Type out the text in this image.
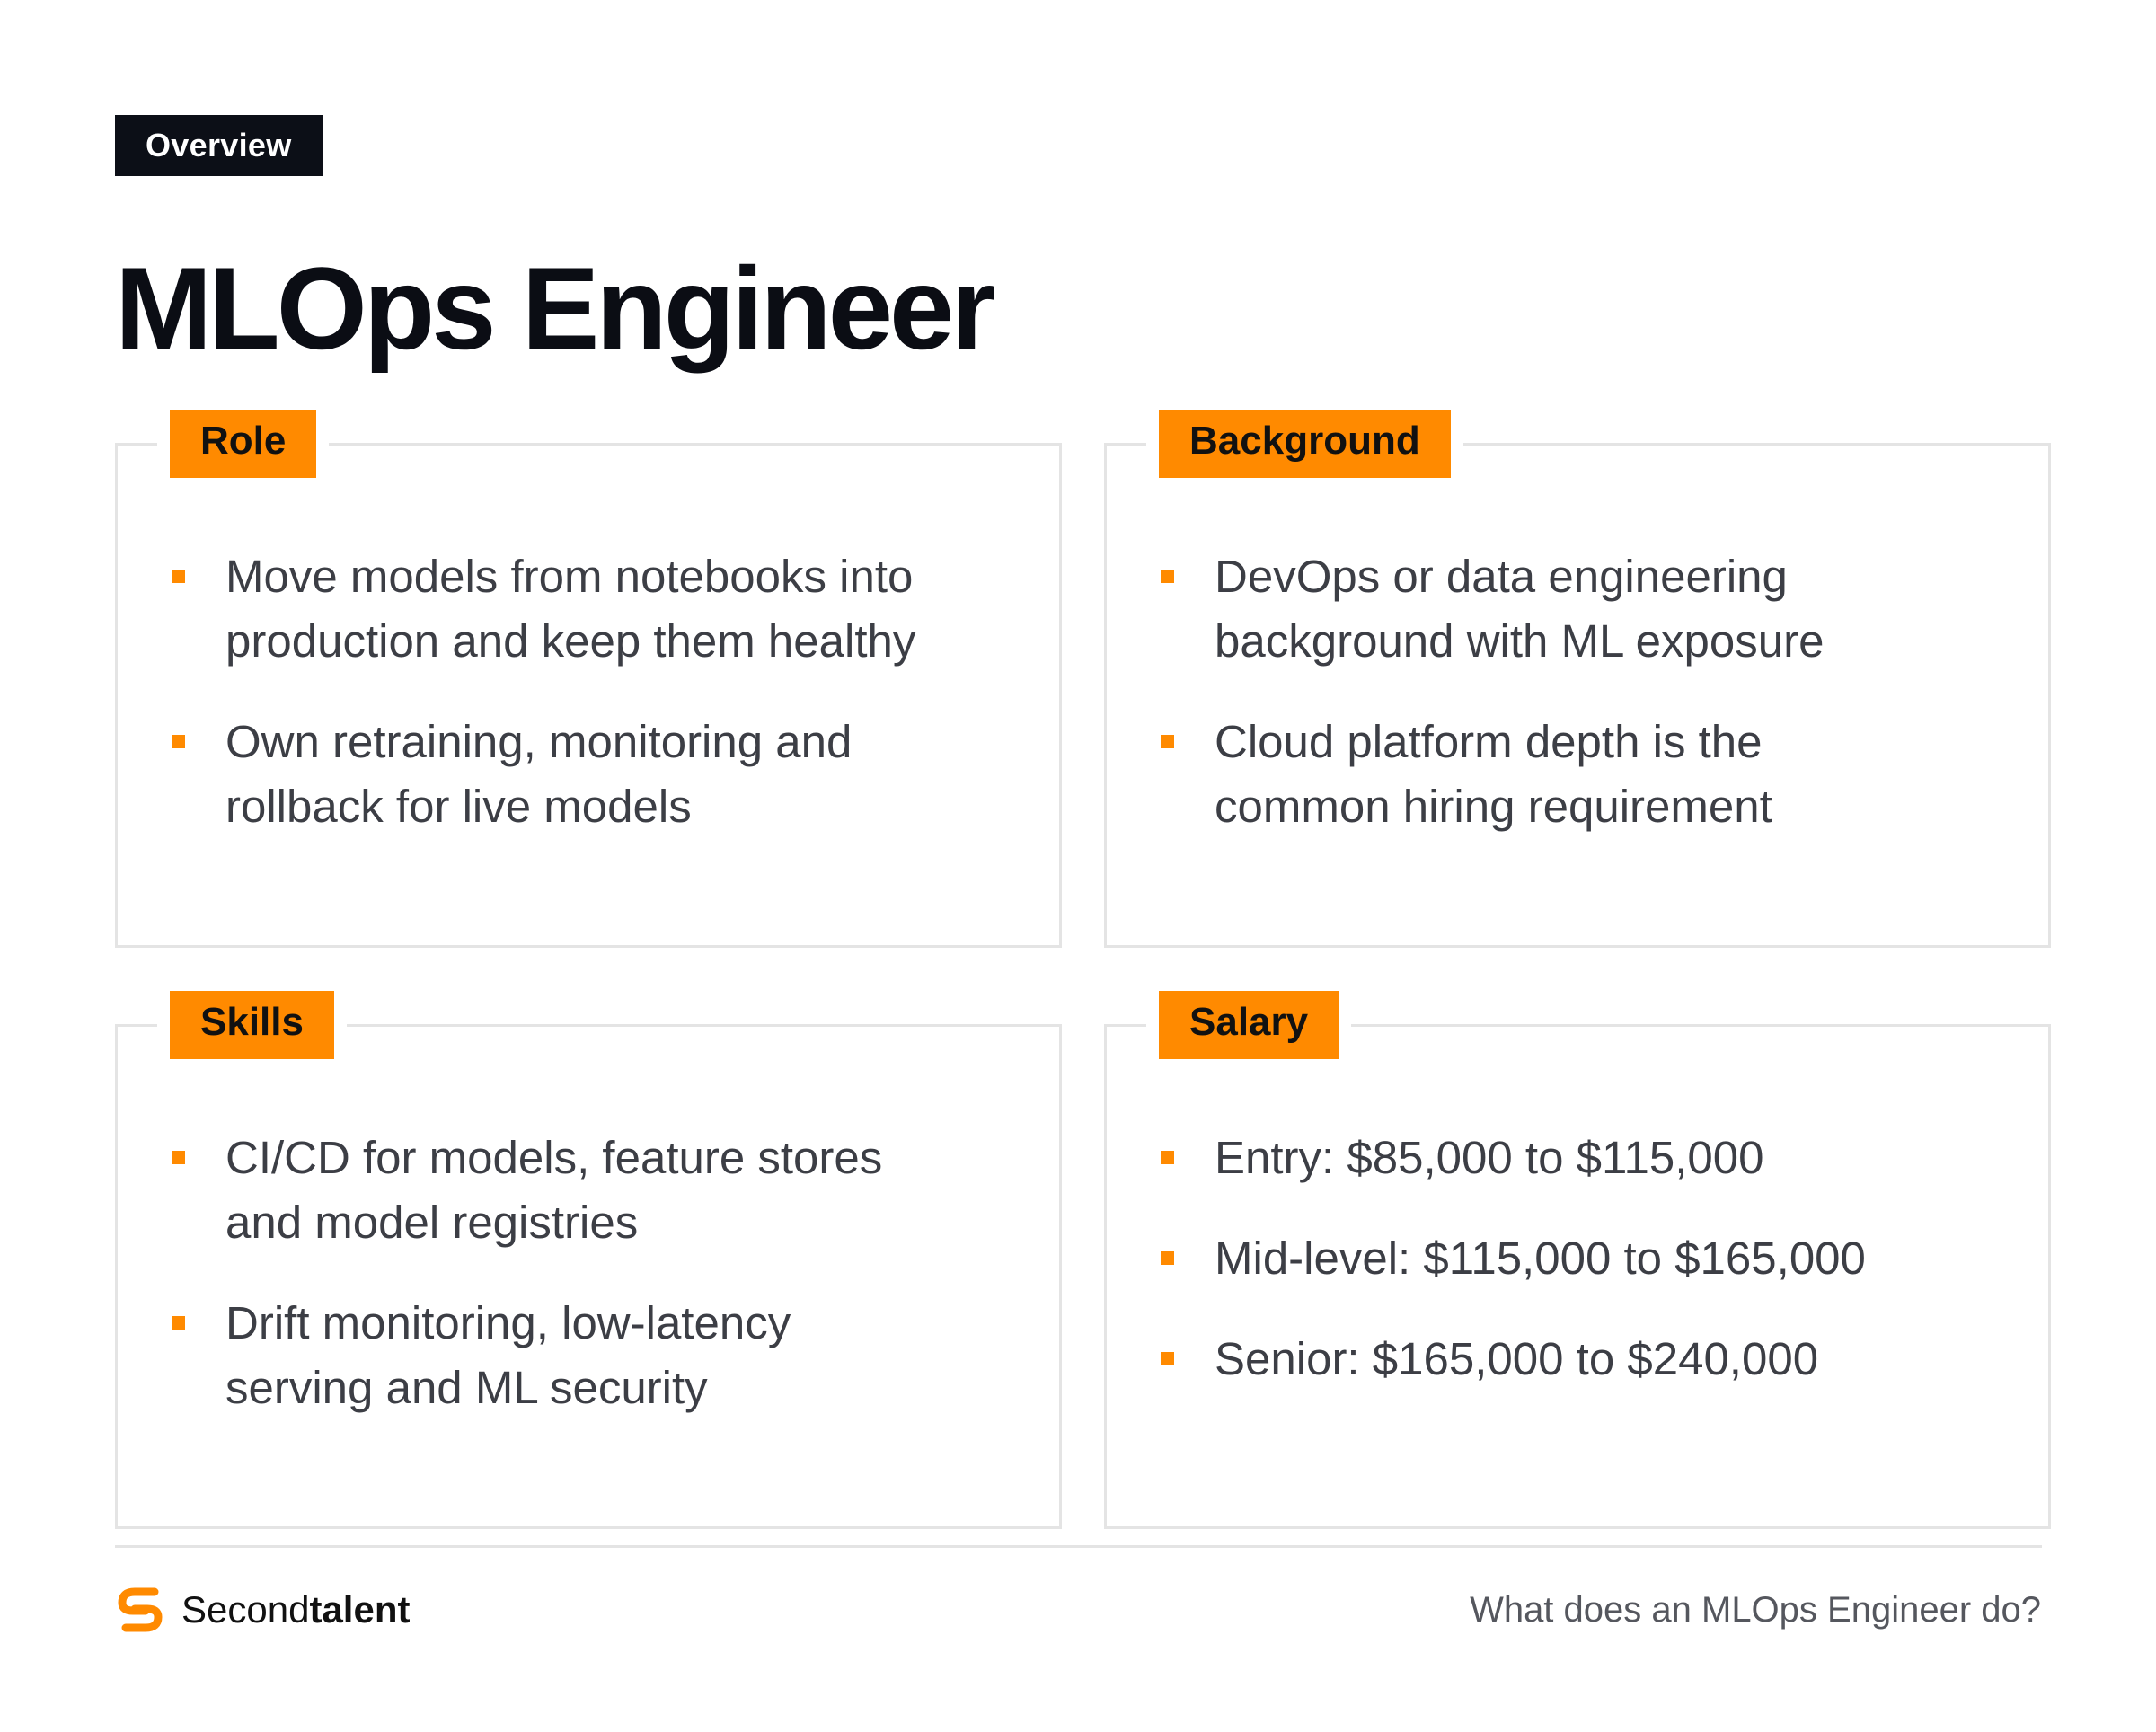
Overview
MLOps Engineer
Role
Move models from notebooks into production and keep them healthy
Own retraining, monitoring and rollback for live models
Background
DevOps or data engineering background with ML exposure
Cloud platform depth is the common hiring requirement
Skills
CI/CD for models, feature stores and model registries
Drift monitoring, low-latency serving and ML security
Salary
Entry: $85,000 to $115,000
Mid-level: $115,000 to $165,000
Senior: $165,000 to $240,000
Secondtalent	What does an MLOps Engineer do?
